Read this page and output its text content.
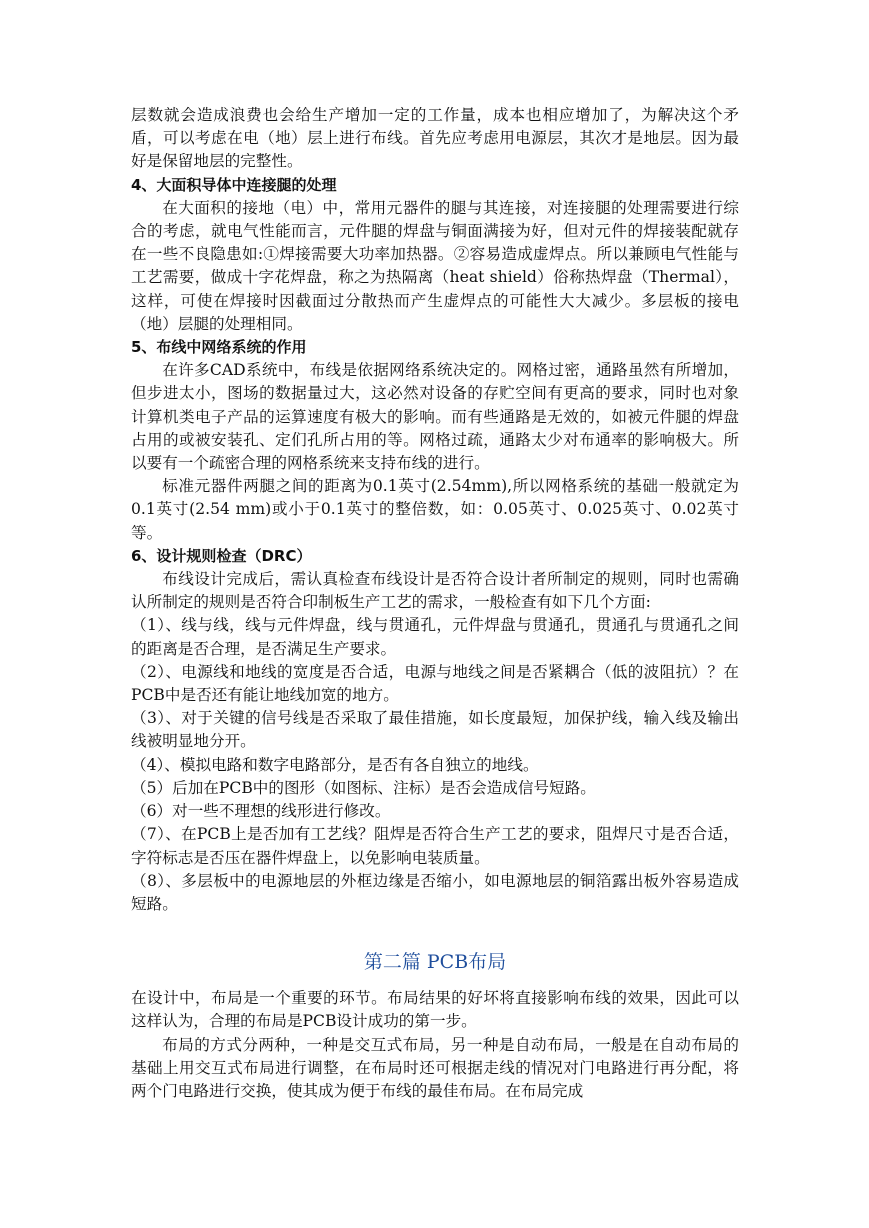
层数就会造成浪费也会给生产增加一定的工作量，成本也相应增加了，为解决这个矛盾，可以考虑在电（地）层上进行布线。首先应考虑用电源层，其次才是地层。因为最好是保留地层的完整性。

4、大面积导体中连接腿的处理

在大面积的接地（电）中，常用元器件的腿与其连接，对连接腿的处理需要进行综合的考虑，就电气性能而言，元件腿的焊盘与铜面满接为好，但对元件的焊接装配就存在一些不良隐患如:①焊接需要大功率加热器。②容易造成虚焊点。所以兼顾电气性能与工艺需要，做成十字花焊盘，称之为热隔离（heat shield）俗称热焊盘（Thermal），这样，可使在焊接时因截面过分散热而产生虚焊点的可能性大大减少。多层板的接电（地）层腿的处理相同。

5、布线中网络系统的作用

在许多CAD系统中，布线是依据网络系统决定的。网格过密，通路虽然有所增加，但步进太小，图场的数据量过大，这必然对设备的存贮空间有更高的要求，同时也对象计算机类电子产品的运算速度有极大的影响。而有些通路是无效的，如被元件腿的焊盘占用的或被安装孔、定们孔所占用的等。网格过疏，通路太少对布通率的影响极大。所以要有一个疏密合理的网格系统来支持布线的进行。

标准元器件两腿之间的距离为0.1英寸(2.54mm),所以网格系统的基础一般就定为0.1英寸(2.54 mm)或小于0.1英寸的整倍数，如：0.05英寸、0.025英寸、0.02英寸等。

6、设计规则检查（DRC）

布线设计完成后，需认真检查布线设计是否符合设计者所制定的规则，同时也需确认所制定的规则是否符合印制板生产工艺的需求，一般检查有如下几个方面:

（1）、线与线，线与元件焊盘，线与贯通孔，元件焊盘与贯通孔，贯通孔与贯通孔之间的距离是否合理，是否满足生产要求。

（2）、电源线和地线的宽度是否合适，电源与地线之间是否紧耦合（低的波阻抗）？在PCB中是否还有能让地线加宽的地方。

（3）、对于关键的信号线是否采取了最佳措施，如长度最短，加保护线，输入线及输出线被明显地分开。

（4）、模拟电路和数字电路部分，是否有各自独立的地线。

（5）后加在PCB中的图形（如图标、注标）是否会造成信号短路。

（6）对一些不理想的线形进行修改。

（7）、在PCB上是否加有工艺线？阻焊是否符合生产工艺的要求，阻焊尺寸是否合适，字符标志是否压在器件焊盘上，以免影响电装质量。

（8）、多层板中的电源地层的外框边缘是否缩小，如电源地层的铜箔露出板外容易造成短路。

第二篇 PCB布局

在设计中，布局是一个重要的环节。布局结果的好坏将直接影响布线的效果，因此可以这样认为，合理的布局是PCB设计成功的第一步。

布局的方式分两种，一种是交互式布局，另一种是自动布局，一般是在自动布局的基础上用交互式布局进行调整，在布局时还可根据走线的情况对门电路进行再分配，将两个门电路进行交换，使其成为便于布线的最佳布局。在布局完成
